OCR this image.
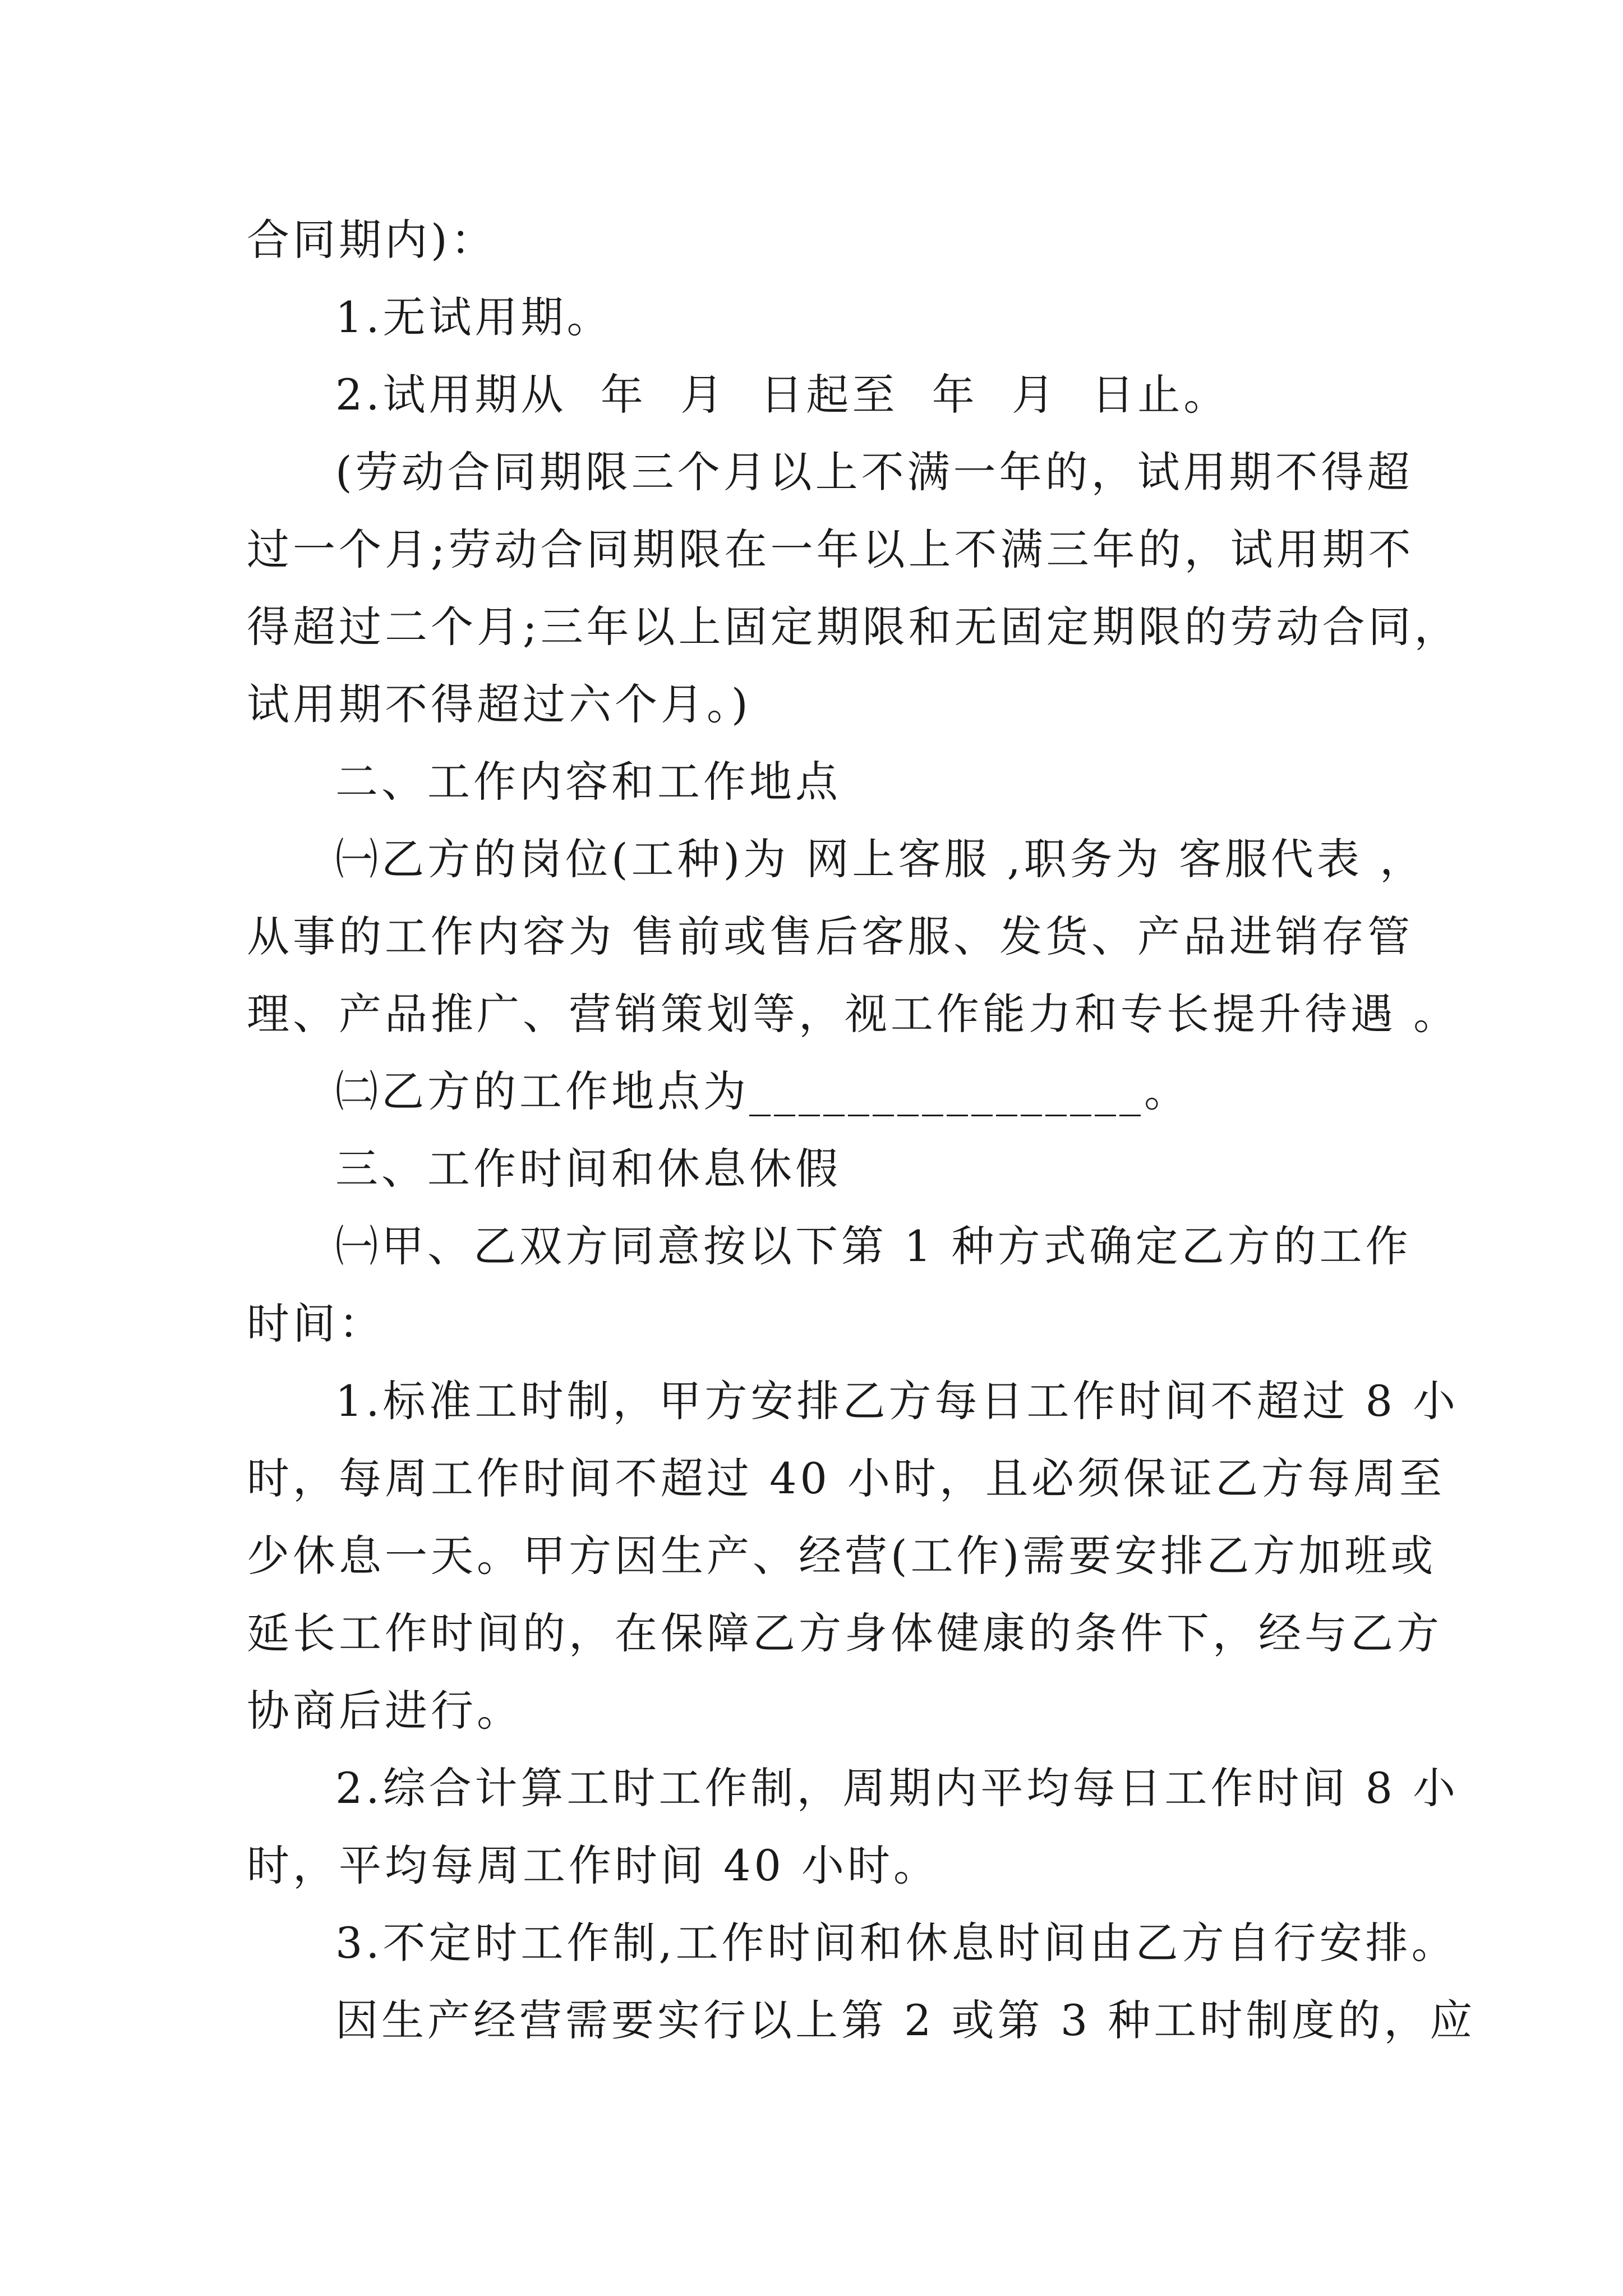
合同期内)：
1.无试用期。
2.试用期从  年  月  日起至  年  月  日止。
(劳动合同期限三个月以上不满一年的，试用期不得超
过一个月;劳动合同期限在一年以上不满三年的，试用期不
得超过二个月;三年以上固定期限和无固定期限的劳动合同，
试用期不得超过六个月。)
二、工作内容和工作地点
㈠乙方的岗位(工种)为 网上客服 ,职务为 客服代表 ，
从事的工作内容为 售前或售后客服、发货、产品进销存管
理、产品推广、营销策划等，视工作能力和专长提升待遇 。
㈡乙方的工作地点为________________。
三、工作时间和休息休假
㈠甲、乙双方同意按以下第 1 种方式确定乙方的工作
时间：
1.标准工时制，甲方安排乙方每日工作时间不超过 8 小
时，每周工作时间不超过 40 小时，且必须保证乙方每周至
少休息一天。甲方因生产、经营(工作)需要安排乙方加班或
延长工作时间的，在保障乙方身体健康的条件下，经与乙方
协商后进行。
2.综合计算工时工作制，周期内平均每日工作时间 8 小
时，平均每周工作时间 40 小时。
3.不定时工作制,工作时间和休息时间由乙方自行安排。
因生产经营需要实行以上第 2 或第 3 种工时制度的，应
